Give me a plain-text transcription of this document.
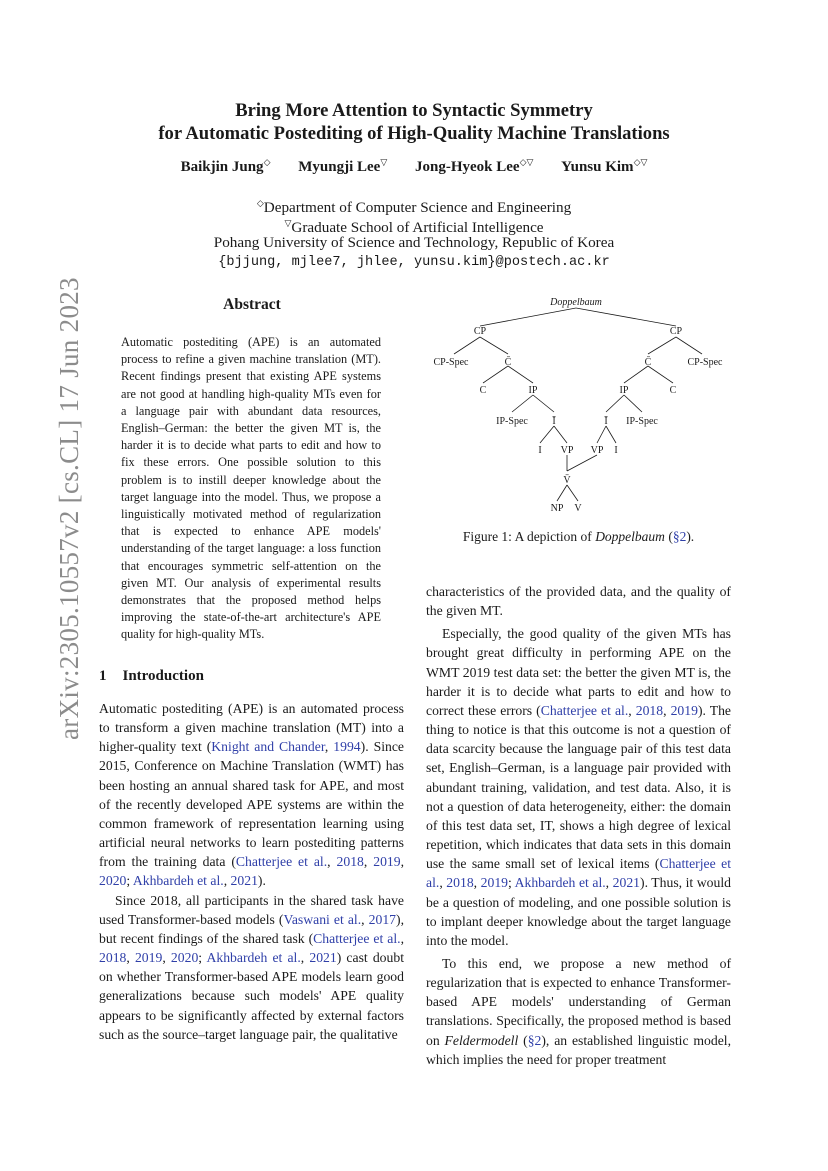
arXiv:2305.10557v2 [cs.CL] 17 Jun 2023
Bring More Attention to Syntactic Symmetry
for Automatic Postediting of High-Quality Machine Translations
Baikjin Jung◇ Myungji Lee▽ Jong-Hyeok Lee◇▽ Yunsu Kim◇▽
◇Department of Computer Science and Engineering
▽Graduate School of Artificial Intelligence
Pohang University of Science and Technology, Republic of Korea
{bjjung, mjlee7, jhlee, yunsu.kim}@postech.ac.kr
Abstract
Automatic postediting (APE) is an automated process to refine a given machine translation (MT). Recent findings present that existing APE systems are not good at handling high-quality MTs even for a language pair with abundant data resources, English–German: the better the given MT is, the harder it is to decide what parts to edit and how to fix these errors. One possible solution to this problem is to instill deeper knowledge about the target language into the model. Thus, we propose a linguistically motivated method of regularization that is expected to enhance APE models' understanding of the target language: a loss function that encourages symmetric self-attention on the given MT. Our analysis of experimental results demonstrates that the proposed method helps improving the state-of-the-art architecture's APE quality for high-quality MTs.
1 Introduction

Automatic postediting (APE) is an automated process to transform a given machine translation (MT) into a higher-quality text (Knight and Chander, 1994). Since 2015, Conference on Machine Translation (WMT) has been hosting an annual shared task for APE, and most of the recently developed APE systems are within the common framework of representation learning using artificial neural networks to learn postediting patterns from the training data (Chatterjee et al., 2018, 2019, 2020; Akhbardeh et al., 2021).

Since 2018, all participants in the shared task have used Transformer-based models (Vaswani et al., 2017), but recent findings of the shared task (Chatterjee et al., 2018, 2019, 2020; Akhbardeh et al., 2021) cast doubt on whether Transformer-based APE models learn good generalizations because such models' APE quality appears to be significantly affected by external factors such as the source–target language pair, the qualitative

Doppelbaum
CP	CP
CP-Spec	C̄	C̄	CP-Spec
C	IP	IP	C
IP-Spec Ī	Ī IP-Spec
I VP VP I
V̄
NP V
Figure 1: A depiction of Doppelbaum (§2).

characteristics of the provided data, and the quality of the given MT.

Especially, the good quality of the given MTs has brought great difficulty in performing APE on the WMT 2019 test data set: the better the given MT is, the harder it is to decide what parts to edit and how to correct these errors (Chatterjee et al., 2018, 2019). The thing to notice is that this outcome is not a question of data scarcity because the language pair of this test data set, English–German, is a language pair provided with abundant training, validation, and test data. Also, it is not a question of data heterogeneity, either: the domain of this test data set, IT, shows a high degree of lexical repetition, which indicates that data sets in this domain use the same small set of lexical items (Chatterjee et al., 2018, 2019; Akhbardeh et al., 2021). Thus, it would be a question of modeling, and one possible solution is to implant deeper knowledge about the target language into the model.

To this end, we propose a new method of regularization that is expected to enhance Transformer-based APE models' understanding of German translations. Specifically, the proposed method is based on Feldermodell (§2), an established linguistic model, which implies the need for proper treatment
